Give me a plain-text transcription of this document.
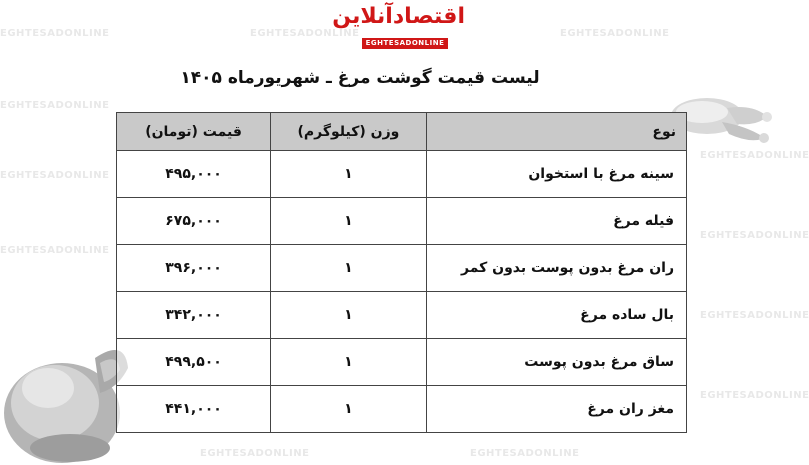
EGHTESADONLINE	EGHTESADONLINE	EGHTESADONLINE
EGHTESADONLINE
EGHTESADONLINE
EGHTESADONLINE
EGHTESADONLINE
EGHTESADONLINE
EGHTESADONLINE
EGHTESADONLINE
EGHTESADONLINE	EGHTESADONLINE
اقتصادآنلاین
EGHTESADONLINE
لیست قیمت گوشت مرغ ـ شهریورماه ۱۴۰۵
نوع	وزن (کیلوگرم)	قیمت (تومان)
سینه مرغ با استخوان	۱	۴۹۵,۰۰۰
فیله مرغ	۱	۶۷۵,۰۰۰
ران مرغ بدون پوست بدون کمر	۱	۳۹۶,۰۰۰
بال ساده مرغ	۱	۳۴۲,۰۰۰
ساق مرغ بدون پوست	۱	۴۹۹,۵۰۰
مغز ران مرغ	۱	۴۴۱,۰۰۰
